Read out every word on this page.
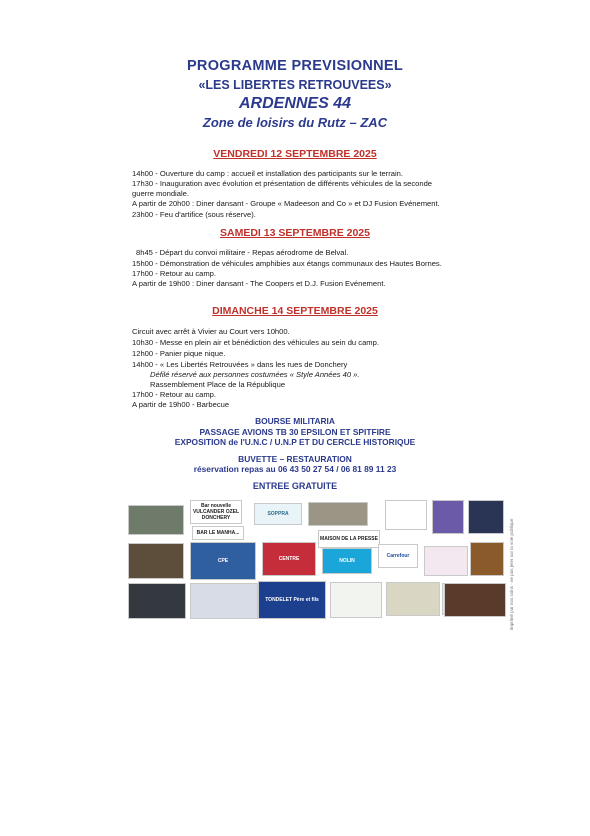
PROGRAMME PREVISIONNEL
«LES LIBERTES RETROUVEES»
ARDENNES 44
Zone de loisirs du Rutz – ZAC
VENDREDI 12 SEPTEMBRE 2025
14h00 - Ouverture du camp : accueil et installation des participants sur le terrain.
17h30 - Inauguration avec évolution et présentation de différents véhicules de la seconde
guerre mondiale.
A partir de 20h00 : Diner dansant - Groupe « Madeeson and Co » et DJ Fusion Evénement.
23h00 - Feu d'artifice (sous réserve).
SAMEDI 13 SEPTEMBRE 2025
8h45 - Départ du convoi militaire - Repas aérodrome de Belval.
15h00 - Démonstration de véhicules amphibies aux étangs communaux des Hautes Bornes.
17h00 - Retour au camp.
A partir de 19h00 : Diner dansant - The Coopers et D.J. Fusion Evénement.
DIMANCHE 14 SEPTEMBRE 2025
Circuit avec arrêt à Vivier au Court vers 10h00.
10h30 - Messe en plein air et bénédiction des véhicules au sein du camp.
12h00 - Panier pique nique.
14h00 - « Les Libertés Retrouvées » dans les rues de Donchery
Défilé réservé aux personnes costumées « Style Années 40 ».
Rassemblement Place de la République
17h00 - Retour au camp.
A partir de 19h00 - Barbecue
BOURSE MILITARIA
PASSAGE AVIONS TB 30 EPSILON ET SPITFIRE
EXPOSITION de l'U.N.C / U.N.P ET DU CERCLE HISTORIQUE
BUVETTE – RESTAURATION
réservation repas au 06 43 50 27 54 / 06 81 89 11 23
ENTREE GRATUITE
Bar nouvelle VULCANDER OZEL DONCHERY
SOPPRA
BAR LE MANHA...
CPE	CENTRE
MAISON DE LA PRESSE
Carrefour
NOLIN
TONDELET Père et fils	imprimé par nos soins - ne pas jeter sur la voie publique
